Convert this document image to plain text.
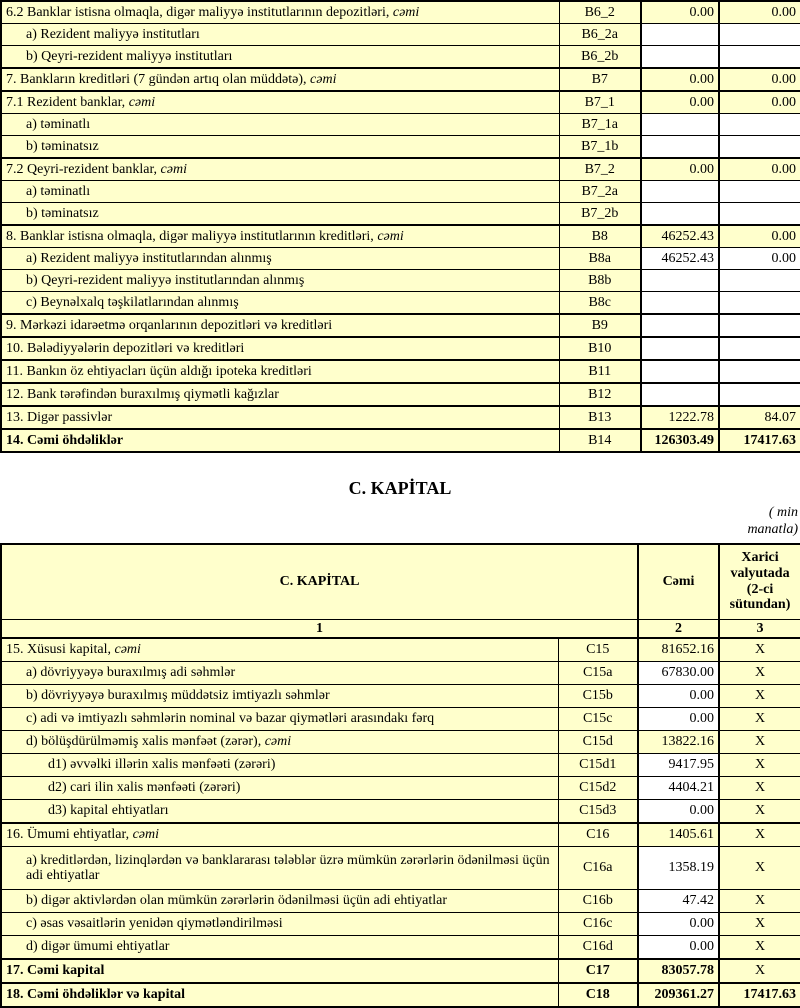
6.2 Banklar istisna olmaqla, digər maliyyə institutlarının depozitləri, cəmi	B6_2	0.00	0.00
a) Rezident maliyyə institutları	B6_2a		
b) Qeyri-rezident maliyyə institutları	B6_2b		
7. Bankların kreditləri (7 gündən artıq olan müddətə), cəmi	B7	0.00	0.00
7.1 Rezident banklar, cəmi	B7_1	0.00	0.00
a) təminatlı	B7_1a		
b) təminatsız	B7_1b		
7.2 Qeyri-rezident banklar, cəmi	B7_2	0.00	0.00
a) təminatlı	B7_2a		
b) təminatsız	B7_2b		
8. Banklar istisna olmaqla, digər maliyyə institutlarının kreditləri, cəmi	B8	46252.43	0.00
a) Rezident maliyyə institutlarından alınmış	B8a	46252.43	0.00
b) Qeyri-rezident maliyyə institutlarından alınmış	B8b		
c) Beynəlxalq təşkilatlarından alınmış	B8c		
9. Mərkəzi idarəetmə orqanlarının depozitləri və kreditləri	B9		
10. Bələdiyyələrin depozitləri və kreditləri	B10		
11. Bankın öz ehtiyacları üçün aldığı ipoteka kreditləri	B11		
12. Bank tərəfindən buraxılmış qiymətli kağızlar	B12		
13. Digər passivlər	B13	1222.78	84.07
14. Cəmi öhdəliklər	B14	126303.49	17417.63
C. KAPİTAL
( min
manatla)
C. KAPİTAL		Cəmi	Xarici valyutada (2-ci sütundan)
1		2	3
15. Xüsusi kapital, cəmi	C15	81652.16	X
a) dövriyyəyə buraxılmış adi səhmlər	C15a	67830.00	X
b) dövriyyəyə buraxılmış müddətsiz imtiyazlı səhmlər	C15b	0.00	X
c) adi və imtiyazlı səhmlərin nominal və bazar qiymətləri arasındakı fərq	C15c	0.00	X
d) bölüşdürülməmiş xalis mənfəət (zərər), cəmi	C15d	13822.16	X
d1) əvvəlki illərin xalis mənfəəti (zərəri)	C15d1	9417.95	X
d2) cari ilin xalis mənfəəti (zərəri)	C15d2	4404.21	X
d3) kapital ehtiyatları	C15d3	0.00	X
16. Ümumi ehtiyatlar, cəmi	C16	1405.61	X
a) kreditlərdən, lizinqlərdən və banklararası tələblər üzrə mümkün zərərlərin ödənilməsi üçün adi ehtiyatlar	C16a	1358.19	X
b) digər aktivlərdən olan mümkün zərərlərin ödənilməsi üçün adi ehtiyatlar	C16b	47.42	X
c) əsas vəsaitlərin yenidən qiymətləndirilməsi	C16c	0.00	X
d) digər ümumi ehtiyatlar	C16d	0.00	X
17. Cəmi kapital	C17	83057.78	X
18. Cəmi öhdəliklər və kapital	C18	209361.27	17417.63
